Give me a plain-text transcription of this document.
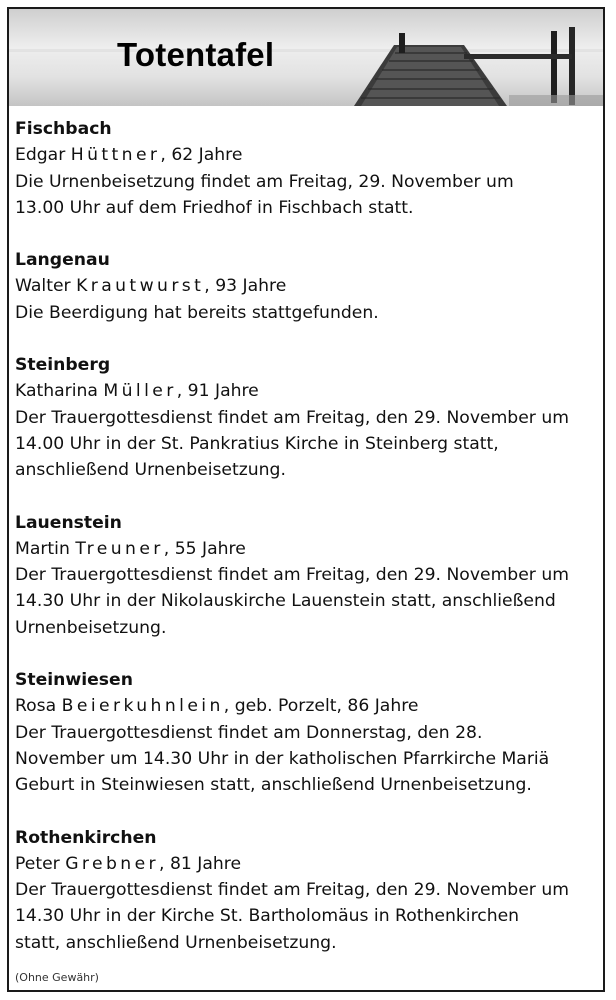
Totentafel
Fischbach
Edgar Hüttner, 62 Jahre
Die Urnenbeisetzung findet am Freitag, 29. November um
13.00 Uhr auf dem Friedhof in Fischbach statt.
Langenau
Walter Krautwurst, 93 Jahre
Die Beerdigung hat bereits stattgefunden.
Steinberg
Katharina Müller, 91 Jahre
Der Trauergottesdienst findet am Freitag, den 29. November um
14.00 Uhr in der St. Pankratius Kirche in Steinberg statt,
anschließend Urnenbeisetzung.
Lauenstein
Martin Treuner, 55 Jahre
Der Trauergottesdienst findet am Freitag, den 29. November um
14.30 Uhr in der Nikolauskirche Lauenstein statt, anschließend
Urnenbeisetzung.
Steinwiesen
Rosa Beierkuhnlein, geb. Porzelt, 86 Jahre
Der Trauergottesdienst findet am Donnerstag, den 28.
November um 14.30 Uhr in der katholischen Pfarrkirche Mariä
Geburt in Steinwiesen statt, anschließend Urnenbeisetzung.
Rothenkirchen
Peter Grebner, 81 Jahre
Der Trauergottesdienst findet am Freitag, den 29. November um
14.30 Uhr in der Kirche St. Bartholomäus in Rothenkirchen
statt, anschließend Urnenbeisetzung.
(Ohne Gewähr)
